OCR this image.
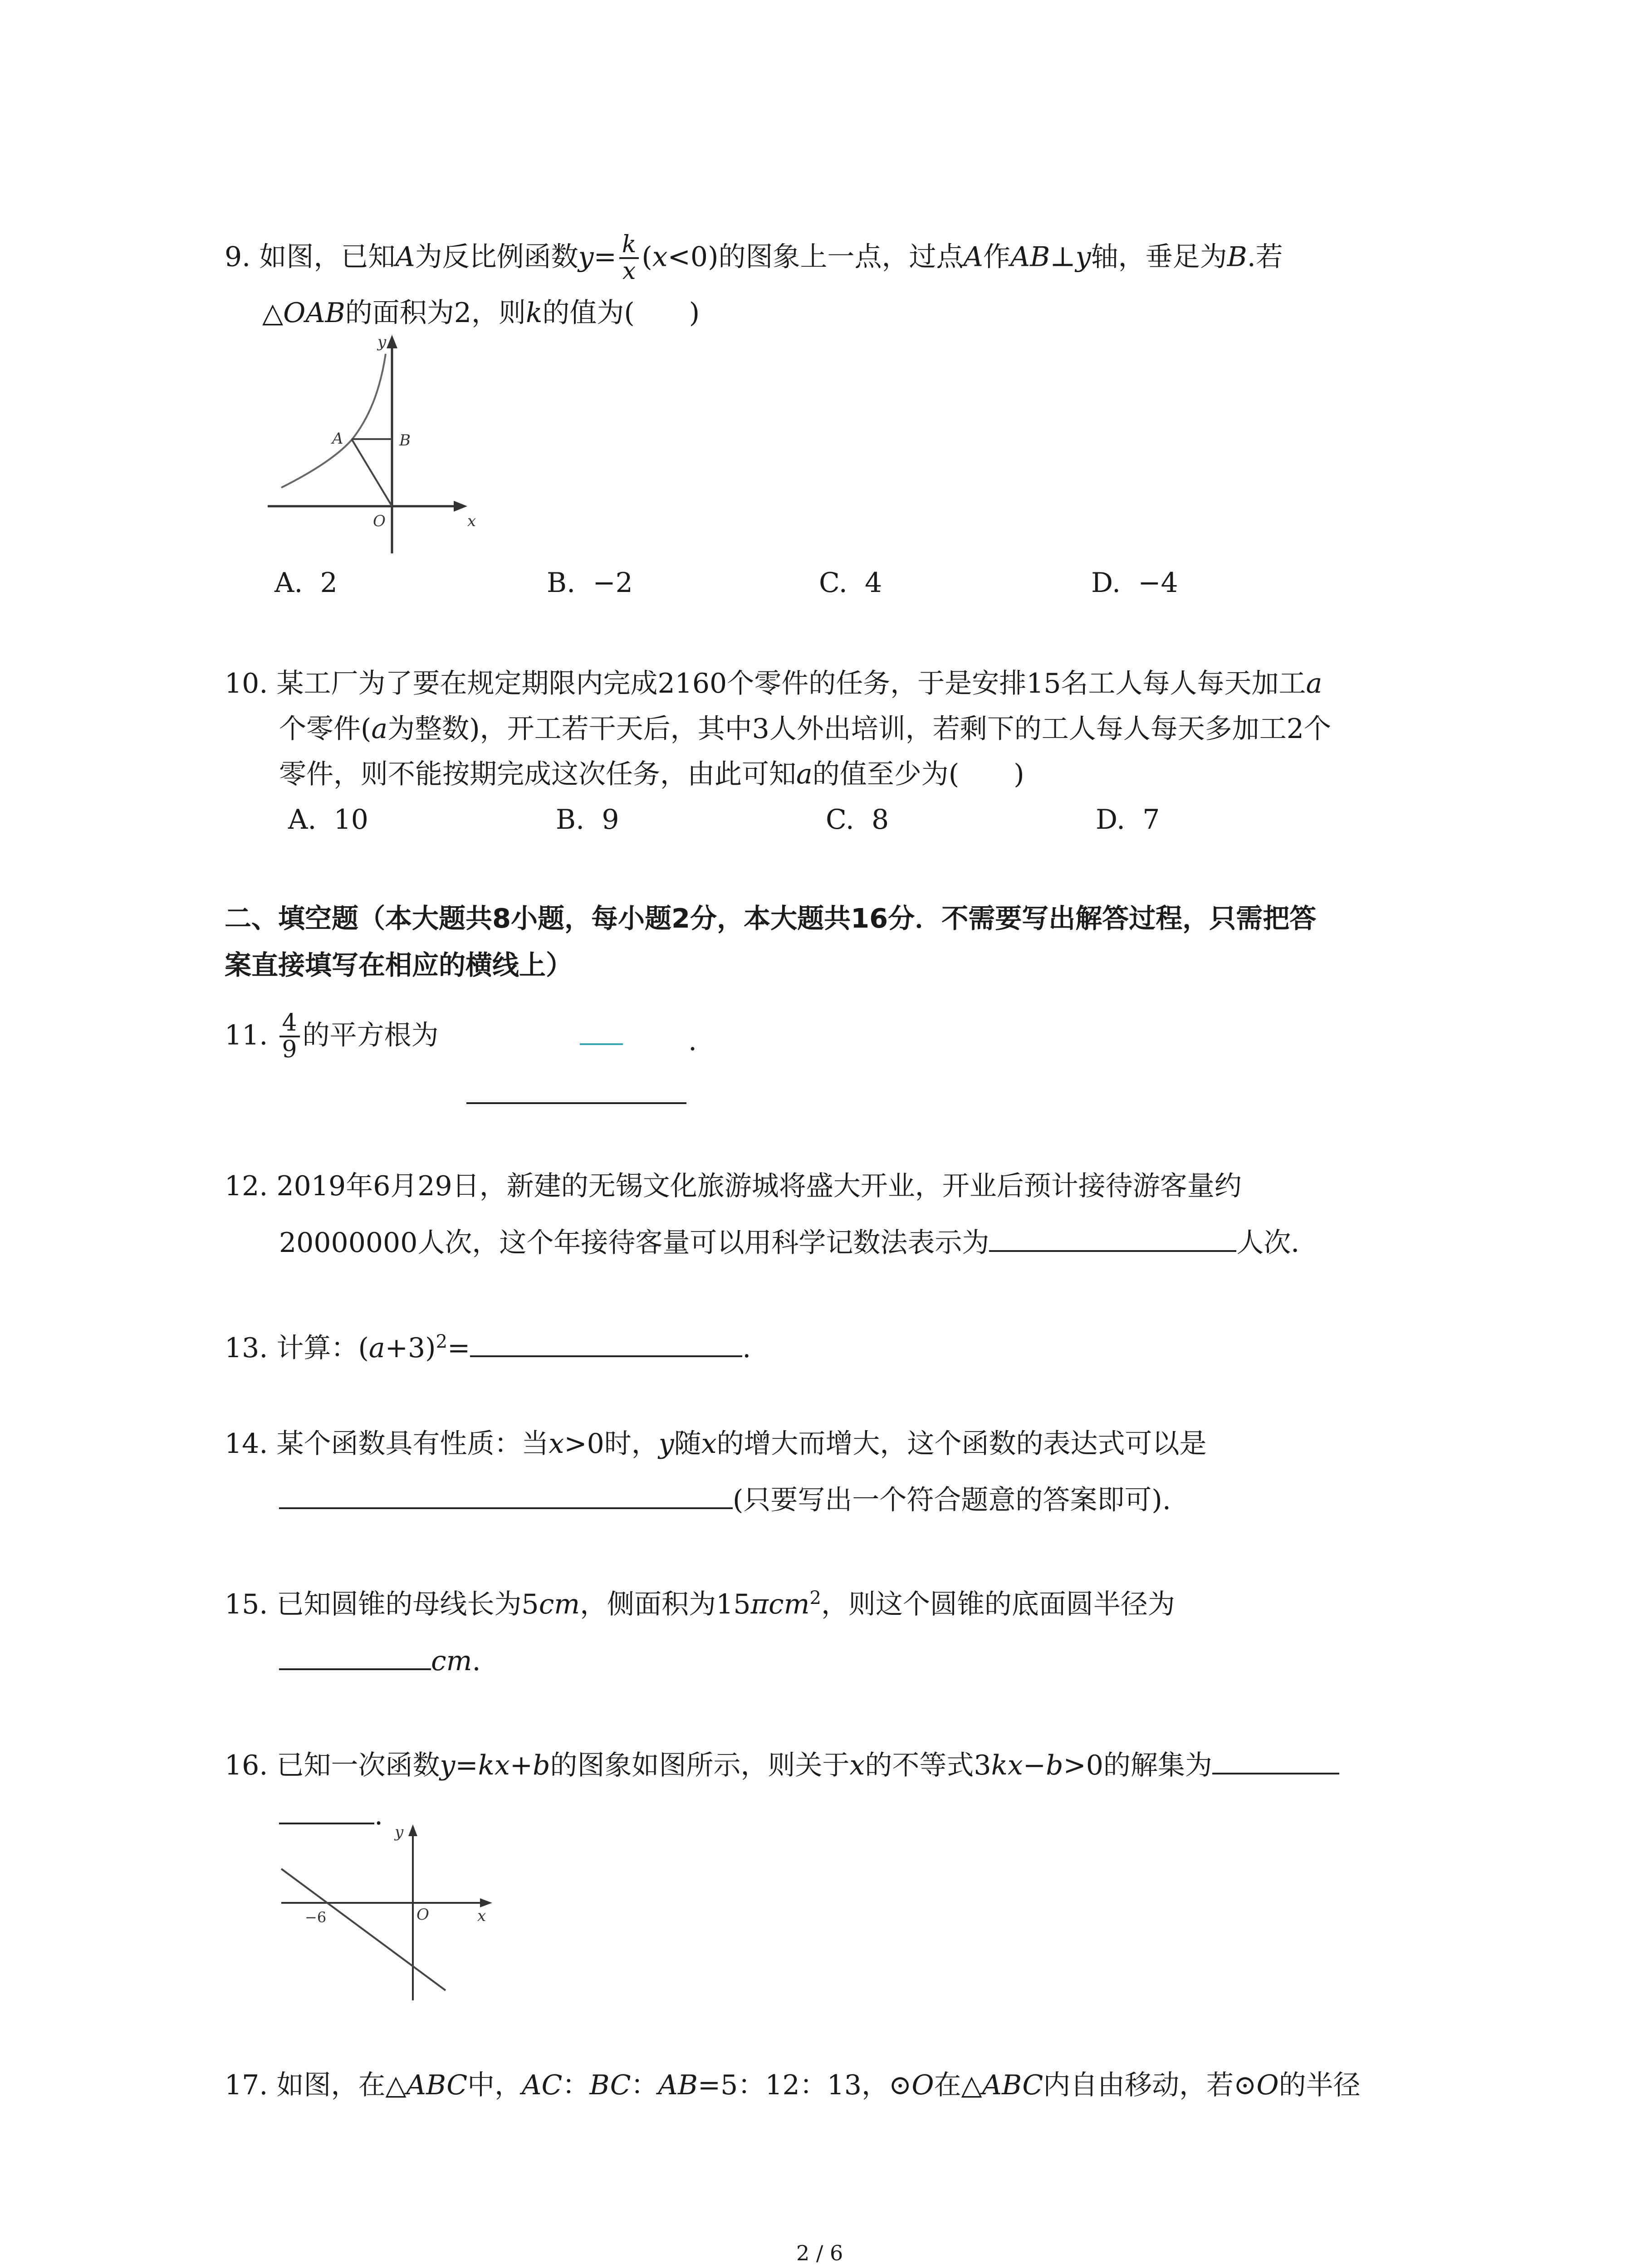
9. 如图，已知A为反比例函数$y= \frac{k}{x} (x<0)$的图象上一点，过点A作AB⊥y轴，垂足为B.若
△OAB的面积为2，则k的值为(　　)
y
A	B
O	x
A. 2	B. −2	C. 4	D. −4
10. 某工厂为了要在规定期限内完成2160个零件的任务，于是安排15名工人每人每天加工a
个零件(a为整数)，开工若干天后，其中3人外出培训，若剩下的工人每人每天多加工2个
零件，则不能按期完成这次任务，由此可知a的值至少为(　　)
A. 10	B. 9	C. 8	D. 7
二、填空题（本大题共8小题，每小题2分，本大题共16分．不需要写出解答过程，只需把答
案直接填写在相应的横线上）
11. $\frac{4}{9}$ 的平方根为	.
12. 2019年6月29日，新建的无锡文化旅游城将盛大开业，开业后预计接待游客量约
20000000人次，这个年接待客量可以用科学记数法表示为	人次．
13. 计算：$(a+3)^2=$	.
14. 某个函数具有性质：当x>0时，y随x的增大而增大，这个函数的表达式可以是
(只要写出一个符合题意的答案即可).
15. 已知圆锥的母线长为5cm，侧面积为15πcm$^2$，则这个圆锥的底面圆半径为
cm.
16. 已知一次函数y=kx+b的图象如图所示，则关于x的不等式3kx−b>0的解集为
.
y
−6	O	x
17. 如图，在△ABC中，AC：BC：AB=5：12：13，⊙O在△ABC内自由移动，若⊙O的半径
2 / 6
